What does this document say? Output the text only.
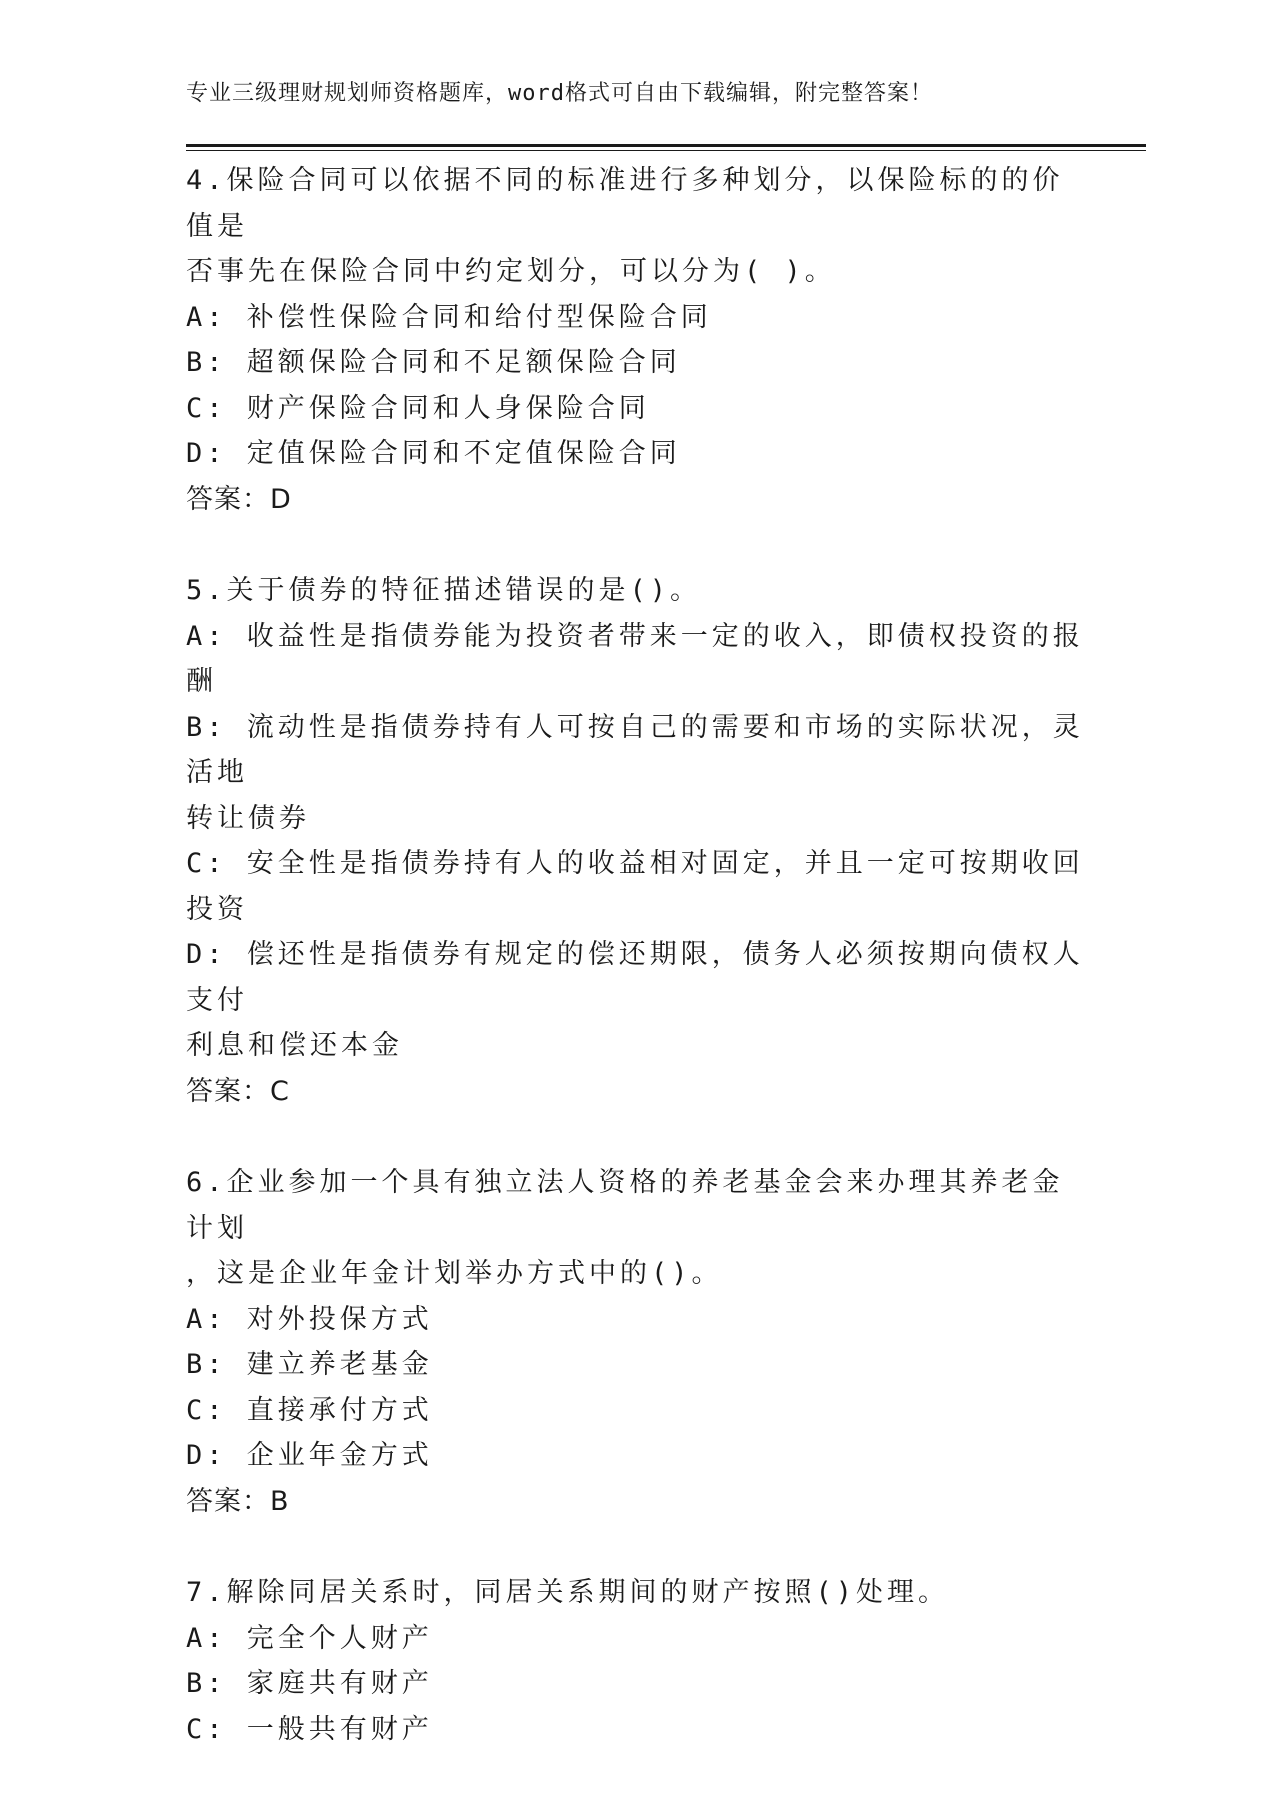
专业三级理财规划师资格题库，word格式可自由下载编辑，附完整答案！
4.保险合同可以依据不同的标准进行多种划分，以保险标的的价值是
否事先在保险合同中约定划分，可以分为( )。
A: 补偿性保险合同和给付型保险合同
B: 超额保险合同和不足额保险合同
C: 财产保险合同和人身保险合同
D: 定值保险合同和不定值保险合同
答案：D
5.关于债券的特征描述错误的是()。
A: 收益性是指债券能为投资者带来一定的收入，即债权投资的报酬
B: 流动性是指债券持有人可按自己的需要和市场的实际状况，灵活地
转让债券
C: 安全性是指债券持有人的收益相对固定，并且一定可按期收回投资
D: 偿还性是指债券有规定的偿还期限，债务人必须按期向债权人支付
利息和偿还本金
答案：C
6.企业参加一个具有独立法人资格的养老基金会来办理其养老金计划
，这是企业年金计划举办方式中的()。
A: 对外投保方式
B: 建立养老基金
C: 直接承付方式
D: 企业年金方式
答案：B
7.解除同居关系时，同居关系期间的财产按照()处理。
A: 完全个人财产
B: 家庭共有财产
C: 一般共有财产
